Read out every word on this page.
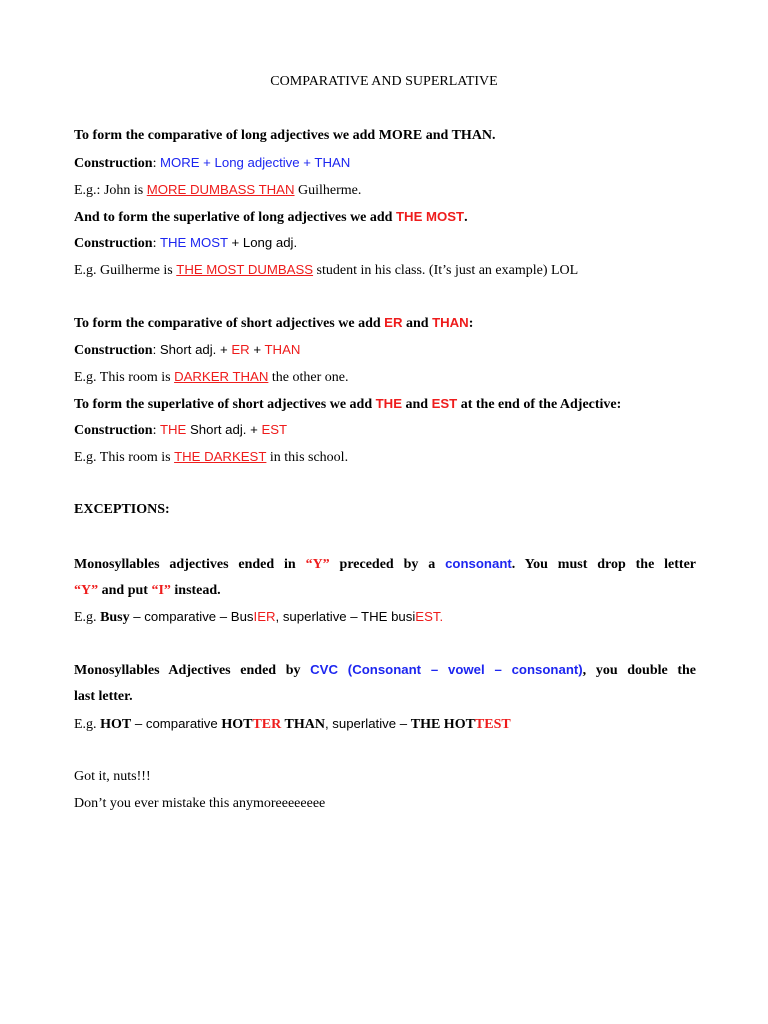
COMPARATIVE AND SUPERLATIVE
To form the comparative of long adjectives we add MORE and THAN.
Construction: MORE + Long adjective + THAN
E.g.: John is MORE DUMBASS THAN Guilherme.
And to form the superlative of long adjectives we add THE MOST.
Construction: THE MOST + Long adj.
E.g. Guilherme is THE MOST DUMBASS student in his class. (It’s just an example) LOL
To form the comparative of short adjectives we add ER and THAN:
Construction: Short adj. + ER + THAN
E.g. This room is DARKER THAN the other one.
To form the superlative of short adjectives we add THE and EST at the end of the Adjective:
Construction: THE Short adj. + EST
E.g. This room is THE DARKEST in this school.
EXCEPTIONS:
Monosyllables adjectives ended in “Y” preceded by a consonant. You must drop the letter
“Y” and put “I” instead.
E.g. Busy – comparative – BusIER, superlative – THE busiEST.
Monosyllables Adjectives ended by CVC (Consonant – vowel – consonant), you double the
last letter.
E.g. HOT – comparative HOTTER THAN, superlative – THE HOTTEST
Got it, nuts!!!
Don’t you ever mistake this anymoreeeeeeee
